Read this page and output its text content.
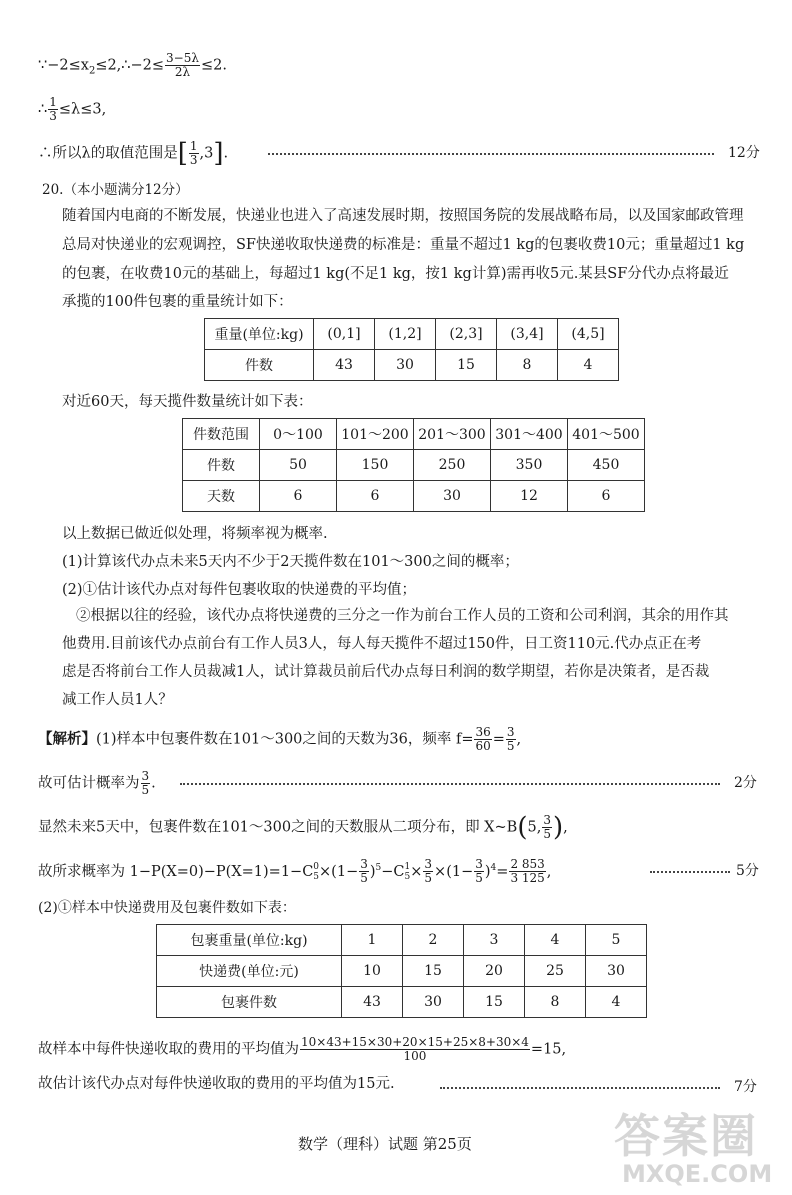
$\because-2\le x_2\le 2,\therefore-2\le \frac{3-5\lambda}{2\lambda} \le 2$.
∴ $\frac{1}{3} \le\lambda\le 3$,
∴所以λ的取值范围是[ $\frac{1}{3} ,3$].	12分
20.（本小题满分12分）
随着国内电商的不断发展，快递业也进入了高速发展时期，按照国务院的发展战略布局，以及国家邮政管理
总局对快递业的宏观调控，SF快递收取快递费的标准是：重量不超过1 kg的包裹收费10元；重量超过1 kg
的包裹，在收费10元的基础上，每超过1 kg(不足1 kg，按1 kg计算)需再收5元.某县SF分代办点将最近
承揽的100件包裹的重量统计如下：
重量(单位:kg)	(0,1]	(1,2]	(2,3]	(3,4]	(4,5]
件数	43	30	15	8	4
对近60天，每天揽件数量统计如下表：
件数范围	0～100	101～200	201～300	301～400	401～500
件数	50	150	250	350	450
天数	6	6	30	12	6
以上数据已做近似处理，将频率视为概率.
(1)计算该代办点未来5天内不少于2天揽件数在101～300之间的概率；
(2)①估计该代办点对每件包裹收取的快递费的平均值；
②根据以往的经验，该代办点将快递费的三分之一作为前台工作人员的工资和公司利润，其余的用作其
他费用.目前该代办点前台有工作人员3人，每人每天揽件不超过150件，日工资110元.代办点正在考
虑是否将前台工作人员裁减1人，试计算裁员前后代办点每日利润的数学期望，若你是决策者，是否裁
减工作人员1人？
【解析】(1)样本中包裹件数在101～300之间的天数为36，频率 $f= \frac{36}{60} = \frac{3}{5}$ ,
故可估计概率为 $\frac{3}{5}$ .	2分
显然未来5天中，包裹件数在101～300之间的天数服从二项分布，即 X~B(5, $\frac{3}{5}$ ),
故所求概率为 1−P(X=0)−P(X=1)=1−C 0
$5 \times(1- \frac{3}{5} )^5-C$ 1
$5 \times \frac{3}{5} \times(1- \frac{3}{5} )^4= \frac{2 853}{3 125}$ ,	5分
(2)①样本中快递费用及包裹件数如下表：
包裹重量(单位:kg)	1	2	3	4	5
快递费(单位:元)	10	15	20	25	30
包裹件数	43	30	15	8	4
故样本中每件快递收取的费用的平均值为 $\frac{10\times 43+15\times 30+20\times 15+25\times 8+30\times 4}{100} =15$,
故估计该代办点对每件快递收取的费用的平均值为15元.	7分
数学（理科）试题 第25页	答案圈
MXQE.COM
